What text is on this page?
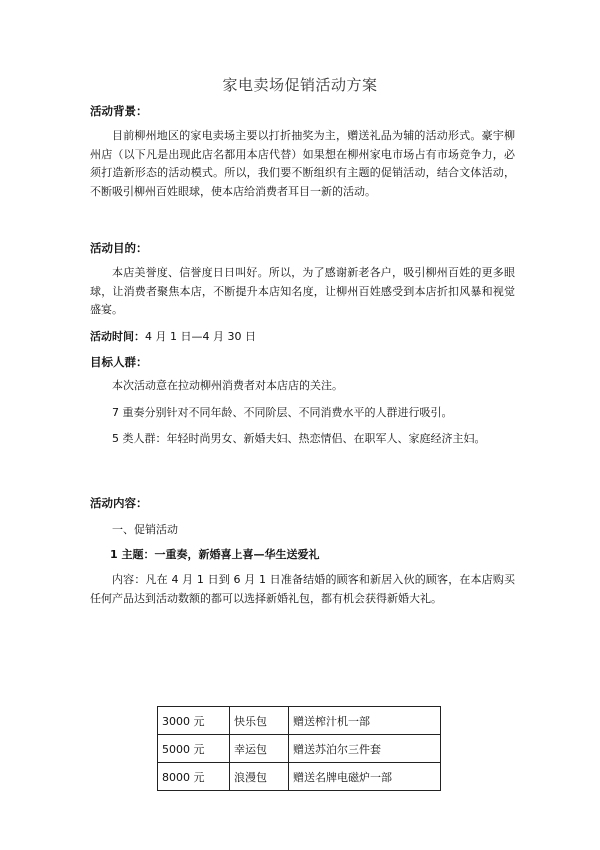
家电卖场促销活动方案
活动背景：
目前柳州地区的家电卖场主要以打折抽奖为主，赠送礼品为辅的活动形式。豪宇柳州店（以下凡是出现此店名都用本店代替）如果想在柳州家电市场占有市场竞争力，必须打造新形态的活动模式。所以，我们要不断组织有主题的促销活动，结合文体活动，不断吸引柳州百姓眼球，使本店给消费者耳目一新的活动。
活动目的：
本店美誉度、信誉度日日叫好。所以，为了感谢新老各户，吸引柳州百姓的更多眼球，让消费者聚焦本店，不断提升本店知名度，让柳州百姓感受到本店折扣风暴和视觉盛宴。
活动时间：4 月 1 日—4 月 30 日
目标人群：
本次活动意在拉动柳州消费者对本店店的关注。
7 重奏分别针对不同年龄、不同阶层、不同消费水平的人群进行吸引。
5 类人群：年轻时尚男女、新婚夫妇、热恋情侣、在职军人、家庭经济主妇。
活动内容：
一、促销活动
1 主题：一重奏，新婚喜上喜—华生送爱礼
内容：凡在 4 月 1 日到 6 月 1 日准备结婚的顾客和新居入伙的顾客，在本店购买任何产品达到活动数额的都可以选择新婚礼包，都有机会获得新婚大礼。
3000 元	快乐包	赠送榨汁机一部
5000 元	幸运包	赠送苏泊尔三件套
8000 元	浪漫包	赠送名牌电磁炉一部
